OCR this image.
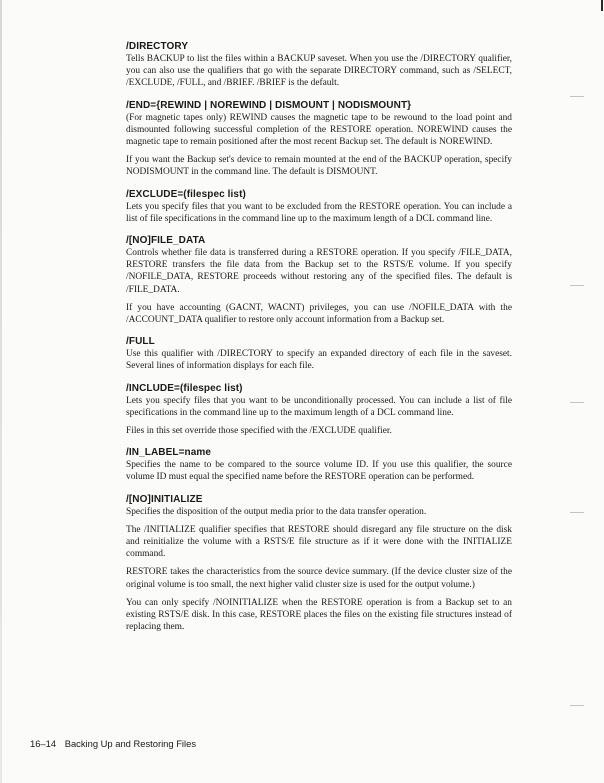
/DIRECTORY

Tells BACKUP to list the files within a BACKUP saveset. When you use the /DIRECTORY qualifier, you can also use the qualifiers that go with the separate DIRECTORY command, such as /SELECT, /EXCLUDE, /FULL, and /BRIEF. /BRIEF is the default.

/END={REWIND | NOREWIND | DISMOUNT | NODISMOUNT}

(For magnetic tapes only) REWIND causes the magnetic tape to be rewound to the load point and dismounted following successful completion of the RESTORE operation. NOREWIND causes the magnetic tape to remain positioned after the most recent Backup set. The default is NOREWIND.

If you want the Backup set's device to remain mounted at the end of the BACKUP operation, specify NODISMOUNT in the command line. The default is DISMOUNT.

/EXCLUDE=(filespec list)

Lets you specify files that you want to be excluded from the RESTORE operation. You can include a list of file specifications in the command line up to the maximum length of a DCL command line.

/[NO]FILE_DATA

Controls whether file data is transferred during a RESTORE operation. If you specify /FILE_DATA, RESTORE transfers the file data from the Backup set to the RSTS/E volume. If you specify /NOFILE_DATA, RESTORE proceeds without restoring any of the specified files. The default is /FILE_DATA.

If you have accounting (GACNT, WACNT) privileges, you can use /NOFILE_DATA with the /ACCOUNT_DATA qualifier to restore only account information from a Backup set.

/FULL

Use this qualifier with /DIRECTORY to specify an expanded directory of each file in the saveset. Several lines of information displays for each file.

/INCLUDE=(filespec list)

Lets you specify files that you want to be unconditionally processed. You can include a list of file specifications in the command line up to the maximum length of a DCL command line.

Files in this set override those specified with the /EXCLUDE qualifier.

/IN_LABEL=name

Specifies the name to be compared to the source volume ID. If you use this qualifier, the source volume ID must equal the specified name before the RESTORE operation can be performed.

/[NO]INITIALIZE

Specifies the disposition of the output media prior to the data transfer operation.

The /INITIALIZE qualifier specifies that RESTORE should disregard any file structure on the disk and reinitialize the volume with a RSTS/E file structure as if it were done with the INITIALIZE command.

RESTORE takes the characteristics from the source device summary. (If the device cluster size of the original volume is too small, the next higher valid cluster size is used for the output volume.)

You can only specify /NOINITIALIZE when the RESTORE operation is from a Backup set to an existing RSTS/E disk. In this case, RESTORE places the files on the existing file structures instead of replacing them.

16–14 Backing Up and Restoring Files
